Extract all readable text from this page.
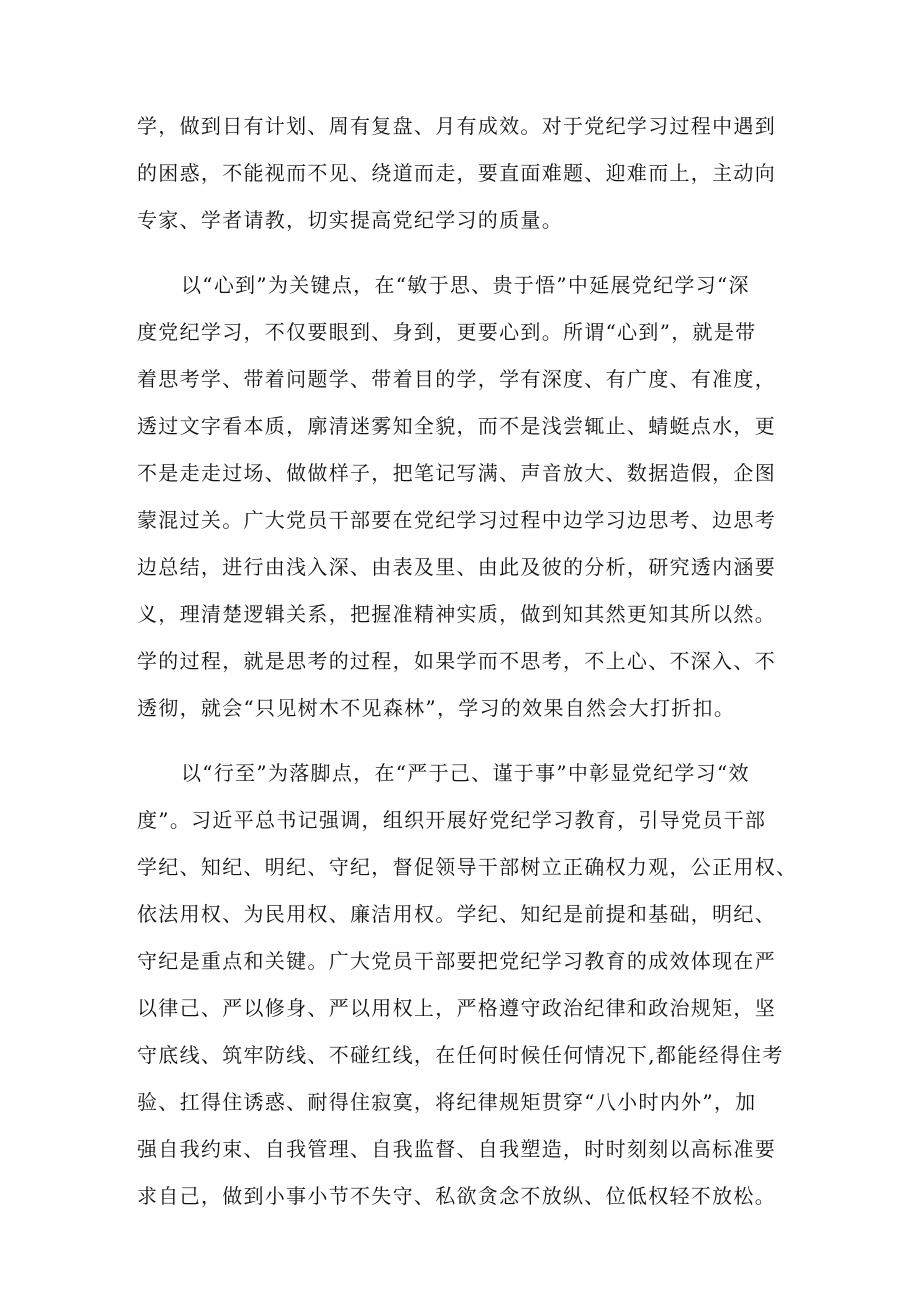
学，做到日有计划、周有复盘、月有成效。对于党纪学习过程中遇到
的困惑，不能视而不见、绕道而走，要直面难题、迎难而上，主动向
专家、学者请教，切实提高党纪学习的质量。
以“心到”为关键点，在“敏于思、贵于悟”中延展党纪学习“深
度党纪学习，不仅要眼到、身到，更要心到。所谓“心到”，就是带
着思考学、带着问题学、带着目的学，学有深度、有广度、有准度，
透过文字看本质，廓清迷雾知全貌，而不是浅尝辄止、蜻蜓点水，更
不是走走过场、做做样子，把笔记写满、声音放大、数据造假，企图
蒙混过关。广大党员干部要在党纪学习过程中边学习边思考、边思考
边总结，进行由浅入深、由表及里、由此及彼的分析，研究透内涵要
义，理清楚逻辑关系，把握准精神实质，做到知其然更知其所以然。
学的过程，就是思考的过程，如果学而不思考，不上心、不深入、不
透彻，就会“只见树木不见森林”，学习的效果自然会大打折扣。
以“行至”为落脚点，在“严于己、谨于事”中彰显党纪学习“效
度”。习近平总书记强调，组织开展好党纪学习教育，引导党员干部
学纪、知纪、明纪、守纪，督促领导干部树立正确权力观，公正用权、
依法用权、为民用权、廉洁用权。学纪、知纪是前提和基础，明纪、
守纪是重点和关键。广大党员干部要把党纪学习教育的成效体现在严
以律己、严以修身、严以用权上，严格遵守政治纪律和政治规矩，坚
守底线、筑牢防线、不碰红线，在任何时候任何情况下,都能经得住考
验、扛得住诱惑、耐得住寂寞，将纪律规矩贯穿“八小时内外”，加
强自我约束、自我管理、自我监督、自我塑造，时时刻刻以高标准要
求自己，做到小事小节不失守、私欲贪念不放纵、位低权轻不放松。
